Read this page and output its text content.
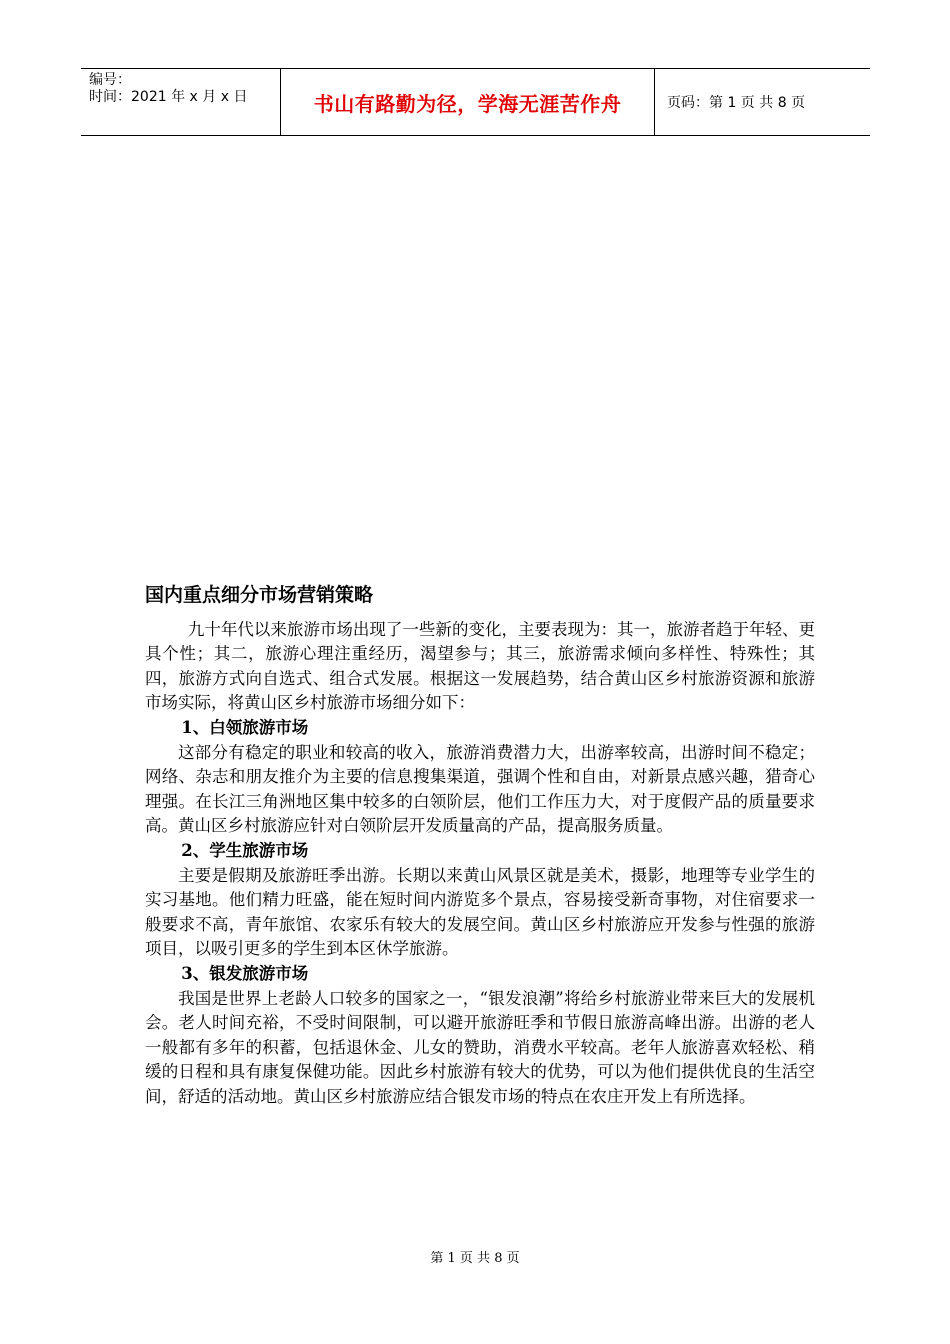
编号：
时间：2021 年 x 月 x 日	书山有路勤为径，学海无涯苦作舟	页码：第 1 页 共 8 页
国内重点细分市场营销策略

九十年代以来旅游市场出现了一些新的变化，主要表现为：其一，旅游者趋于年轻、更具个性；其二，旅游心理注重经历，渴望参与；其三，旅游需求倾向多样性、特殊性；其四，旅游方式向自选式、组合式发展。根据这一发展趋势，结合黄山区乡村旅游资源和旅游市场实际，将黄山区乡村旅游市场细分如下：

1、白领旅游市场

这部分有稳定的职业和较高的收入，旅游消费潜力大，出游率较高，出游时间不稳定；网络、杂志和朋友推介为主要的信息搜集渠道，强调个性和自由，对新景点感兴趣，猎奇心理强。在长江三角洲地区集中较多的白领阶层，他们工作压力大，对于度假产品的质量要求高。黄山区乡村旅游应针对白领阶层开发质量高的产品，提高服务质量。

2、学生旅游市场

主要是假期及旅游旺季出游。长期以来黄山风景区就是美术，摄影，地理等专业学生的实习基地。他们精力旺盛，能在短时间内游览多个景点，容易接受新奇事物，对住宿要求一般要求不高，青年旅馆、农家乐有较大的发展空间。黄山区乡村旅游应开发参与性强的旅游项目，以吸引更多的学生到本区休学旅游。

3、银发旅游市场

我国是世界上老龄人口较多的国家之一，“银发浪潮”将给乡村旅游业带来巨大的发展机会。老人时间充裕，不受时间限制，可以避开旅游旺季和节假日旅游高峰出游。出游的老人一般都有多年的积蓄，包括退休金、儿女的赞助，消费水平较高。老年人旅游喜欢轻松、稍缓的日程和具有康复保健功能。因此乡村旅游有较大的优势，可以为他们提供优良的生活空间，舒适的活动地。黄山区乡村旅游应结合银发市场的特点在农庄开发上有所选择。

第 1 页 共 8 页
